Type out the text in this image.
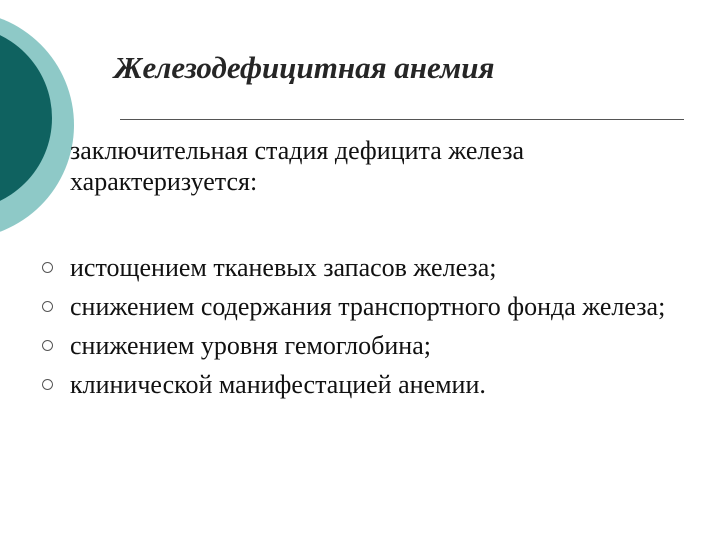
Железодефицитная анемия

заключительная стадия дефицита железа характеризуется:

истощением тканевых запасов железа;
снижением содержания транспортного фонда железа;
снижением уровня гемоглобина;
клинической манифестацией анемии.
